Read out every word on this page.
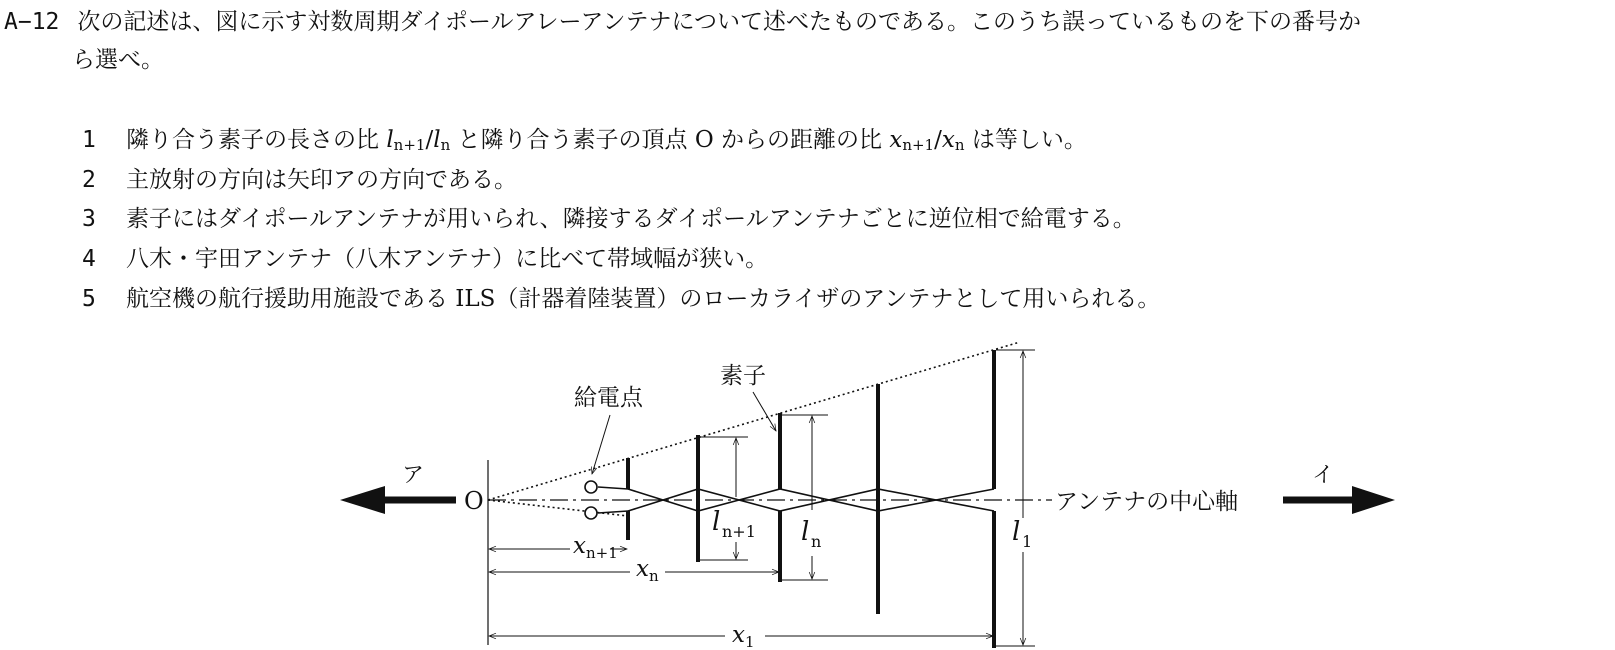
A−12 次の記述は、図に示す対数周期ダイポールアレーアンテナについて述べたものである。このうち誤っているものを下の番号か
ら選べ。
1 隣り合う素子の長さの比 $l_{n+1}/l_n$ と隣り合う素子の頂点 O からの距離の比 $x_{n+1}/x_n$ は等しい。
2 主放射の方向は矢印アの方向である。
3 素子にはダイポールアンテナが用いられ、隣接するダイポールアンテナごとに逆位相で給電する。
4 八木・宇田アンテナ（八木アンテナ）に比べて帯域幅が狭い。
5 航空機の航行援助用施設である ILS（計器着陸装置）のローカライザのアンテナとして用いられる。
ア	イ
O	アンテナの中心軸
給電点
素子
l n+1 l n	l 1
x n+1
x n
x 1
